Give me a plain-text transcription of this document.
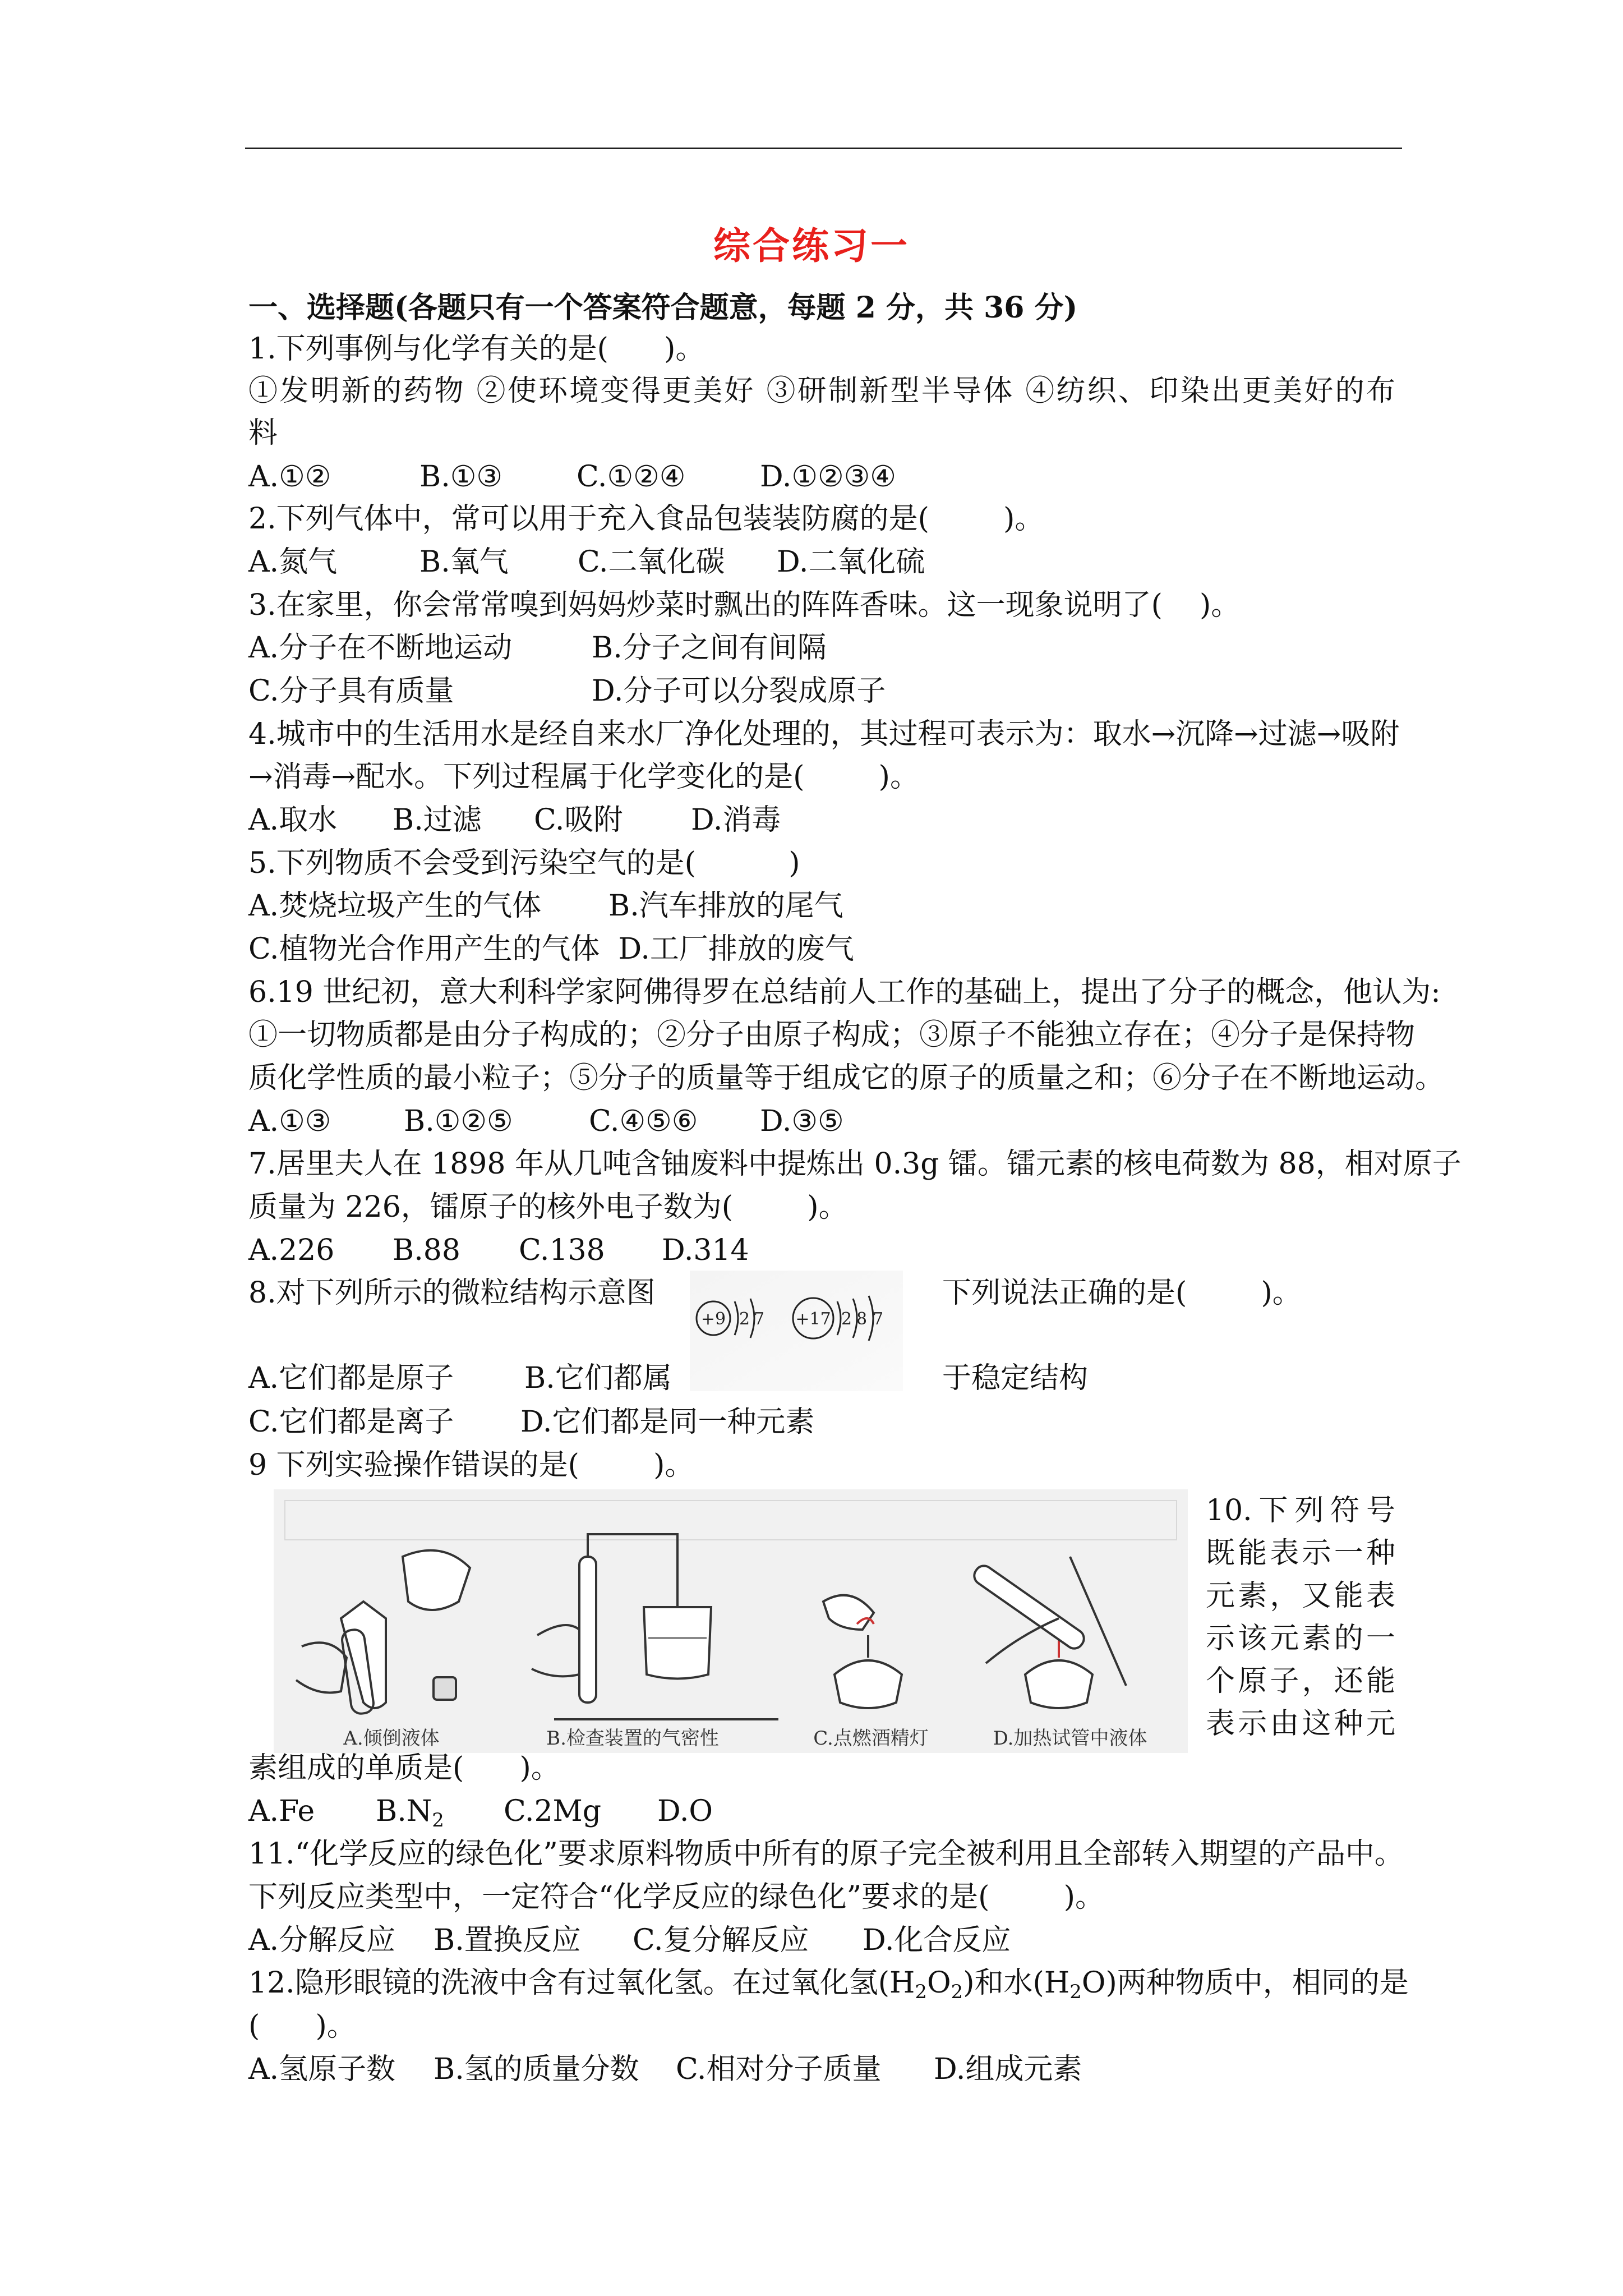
综合练习一
一、选择题(各题只有一个答案符合题意，每题 2 分，共 36 分)
1.下列事例与化学有关的是(      )。
①发明新的药物 ②使环境变得更美好 ③研制新型半导体 ④纺织、印染出更美好的布
料
A.①②	B.①③	C.①②④	D.①②③④
2.下列气体中，常可以用于充入食品包装装防腐的是(        )。
A.氮气	B.氧气 C.二氧化碳 D.二氧化硫
3.在家里，你会常常嗅到妈妈炒菜时飘出的阵阵香味。这一现象说明了(    )。
A.分子在不断地运动	B.分子之间有间隔
C.分子具有质量	D.分子可以分裂成原子
4.城市中的生活用水是经自来水厂净化处理的，其过程可表示为：取水→沉降→过滤→吸附
→消毒→配水。下列过程属于化学变化的是(        )。
A.取水 B.过滤 C.吸附 D.消毒
5.下列物质不会受到污染空气的是(          )
A.焚烧垃圾产生的气体 B.汽车排放的尾气
C.植物光合作用产生的气体  D.工厂排放的废气
6.19 世纪初，意大利科学家阿佛得罗在总结前人工作的基础上，提出了分子的概念，他认为:
①一切物质都是由分子构成的；②分子由原子构成；③原子不能独立存在；④分子是保持物
质化学性质的最小粒子；⑤分子的质量等于组成它的原子的质量之和；⑥分子在不断地运动。
A.①③ B.①②⑤	C.④⑤⑥ D.③⑤
7.居里夫人在 1898 年从几吨含铀废料中提炼出 0.3g 镭。镭元素的核电荷数为 88，相对原子
质量为 226，镭原子的核外电子数为(        )。
A.226 B.88 C.138 D.314
8.对下列所示的微粒结构示意图	下列说法正确的是(        )。
+9 2 7 +17 2 8 7
A.它们都是原子 B.它们都属	于稳定结构
C.它们都是离子 D.它们都是同一种元素
9 下列实验操作错误的是(        )。
A.倾倒液体	B.检查装置的气密性	C.点燃酒精灯	D.加热试管中液体
10.下列符号
既能表示一种
元素，又能表
示该元素的一
个原子，还能
表示由这种元
素组成的单质是(      )。
A.Fe $B.N_2$ C.2Mg D.O
11.“化学反应的绿色化”要求原料物质中所有的原子完全被利用且全部转入期望的产品中。
下列反应类型中，一定符合“化学反应的绿色化”要求的是(        )。
A.分解反应 B.置换反应 C.复分解反应 D.化合反应
12.隐形眼镜的洗液中含有过氧化氢。在过氧化氢$(H_2O_2)$和水$(H_2O)$两种物质中，相同的是
(      )。
A.氢原子数 B.氢的质量分数 C.相对分子质量 D.组成元素
